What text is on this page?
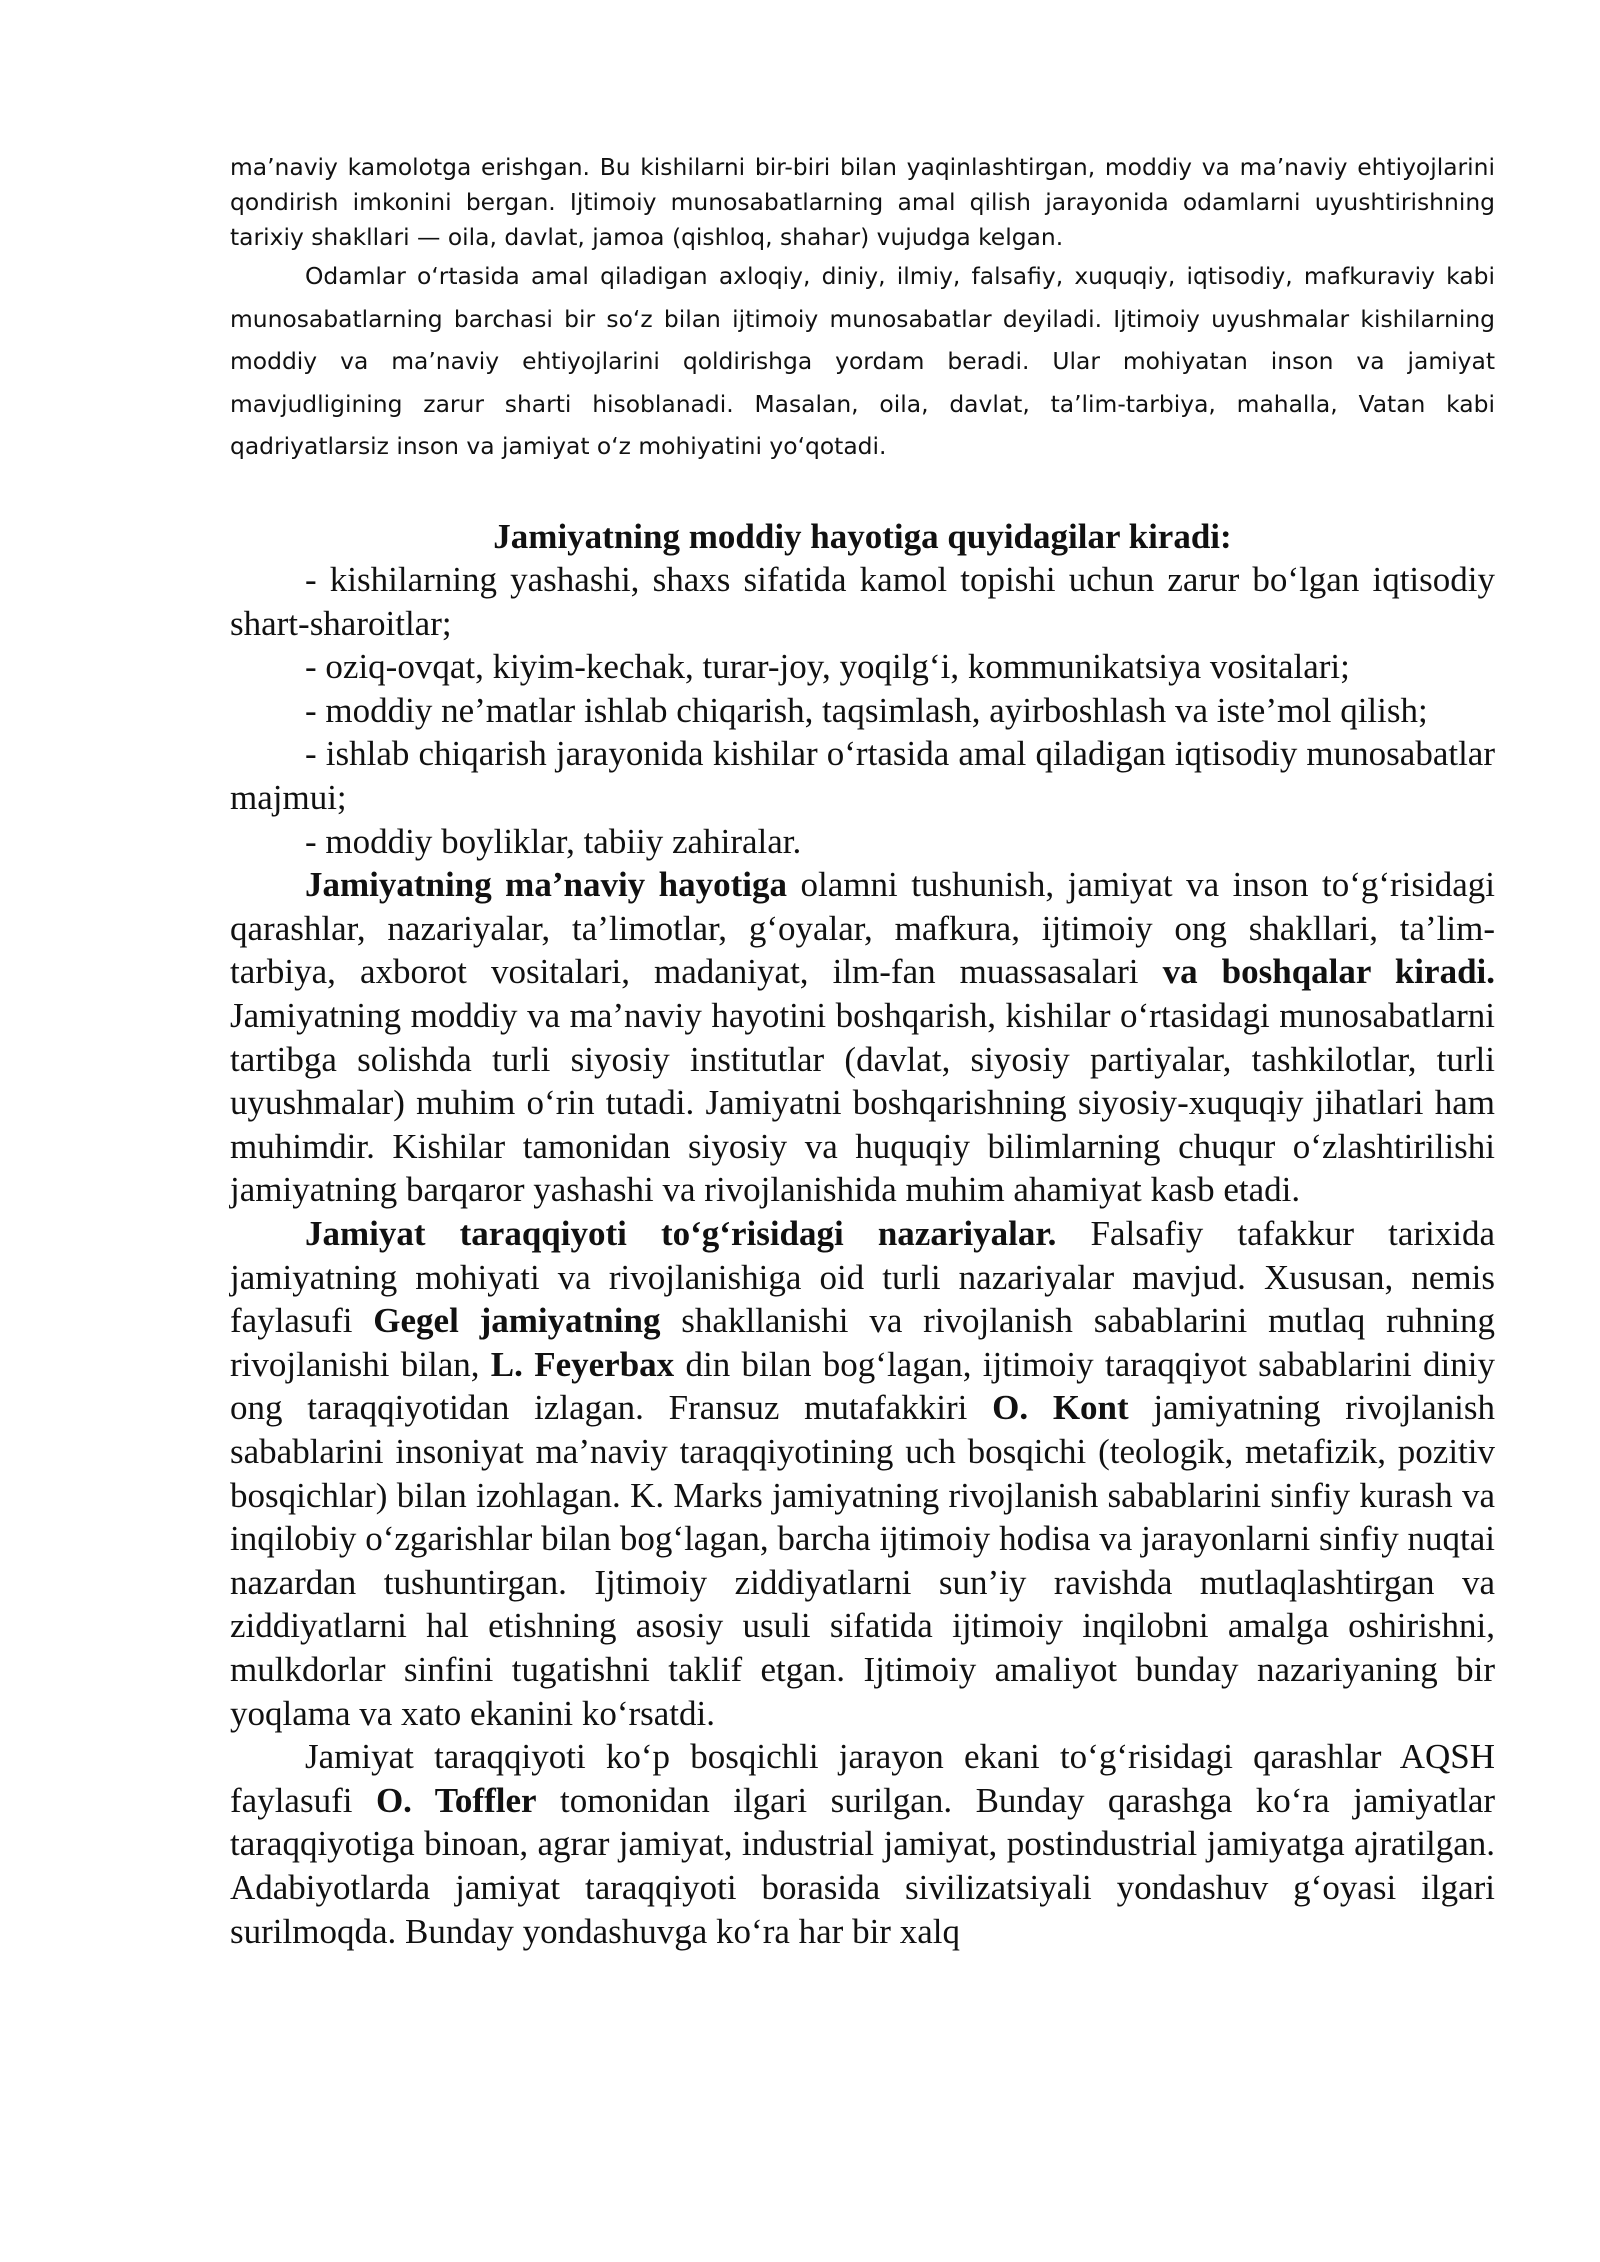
ma’naviy kamolotga erishgan. Bu kishilarni bir-biri bilan yaqinlashtirgan, moddiy va ma’naviy ehtiyojlarini qondirish imkonini bergan. Ijtimoiy munosabatlarning amal qilish jarayonida odamlarni uyushtirishning tarixiy shakllari — oila, davlat, jamoa (qishloq, shahar) vujudga kelgan.

Odamlar o‘rtasida amal qiladigan axloqiy, diniy, ilmiy, falsafiy, xuquqiy, iqtisodiy, mafkuraviy kabi munosabatlarning barchasi bir so‘z bilan ijtimoiy munosabatlar deyiladi. Ijtimoiy uyushmalar kishilarning moddiy va ma’naviy ehtiyojlarini qoldirishga yordam beradi. Ular mohiyatan inson va jamiyat mavjudligining zarur sharti hisoblanadi. Masalan, oila, davlat, ta’lim-tarbiya, mahalla, Vatan kabi qadriyatlarsiz inson va jamiyat o‘z mohiyatini yo‘qotadi.

Jamiyatning moddiy hayotiga quyidagilar kiradi:

- kishilarning yashashi, shaxs sifatida kamol topishi uchun zarur bo‘lgan iqtisodiy shart-sharoitlar;

- oziq-ovqat, kiyim-kechak, turar-joy, yoqilg‘i, kommunikatsiya vositalari;

- moddiy ne’matlar ishlab chiqarish, taqsimlash, ayirboshlash va iste’mol qilish;

- ishlab chiqarish jarayonida kishilar o‘rtasida amal qiladigan iqtisodiy munosabatlar majmui;

- moddiy boyliklar, tabiiy zahiralar.

Jamiyatning ma’naviy hayotiga olamni tushunish, jamiyat va inson to‘g‘risidagi qarashlar, nazariyalar, ta’limotlar, g‘oyalar, mafkura, ijtimoiy ong shakllari, ta’lim-tarbiya, axborot vositalari, madaniyat, ilm-fan muassasalari va boshqalar kiradi. Jamiyatning moddiy va ma’naviy hayotini boshqarish, kishilar o‘rtasidagi munosabatlarni tartibga solishda turli siyosiy institutlar (davlat, siyosiy partiyalar, tashkilotlar, turli uyushmalar) muhim o‘rin tutadi. Jamiyatni boshqarishning siyosiy-xuquqiy jihatlari ham muhimdir. Kishilar tamonidan siyosiy va huquqiy bilimlarning chuqur o‘zlashtirilishi jamiyatning barqaror yashashi va rivojlanishida muhim ahamiyat kasb etadi.

Jamiyat taraqqiyoti to‘g‘risidagi nazariyalar. Falsafiy tafakkur tarixida jamiyatning mohiyati va rivojlanishiga oid turli nazariyalar mavjud. Xususan, nemis faylasufi Gegel jamiyatning shakllanishi va rivojlanish sabablarini mutlaq ruhning rivojlanishi bilan, L. Feyerbax din bilan bog‘lagan, ijtimoiy taraqqiyot sabablarini diniy ong taraqqiyotidan izlagan. Fransuz mutafakkiri O. Kont jamiyatning rivojlanish sabablarini insoniyat ma’naviy taraqqiyotining uch bosqichi (teologik, metafizik, pozitiv bosqichlar) bilan izohlagan. K. Marks jamiyatning rivojlanish sabablarini sinfiy kurash va inqilobiy o‘zgarishlar bilan bog‘lagan, barcha ijtimoiy hodisa va jarayonlarni sinfiy nuqtai nazardan tushuntirgan. Ijtimoiy ziddiyatlarni sun’iy ravishda mutlaqlashtirgan va ziddiyatlarni hal etishning asosiy usuli sifatida ijtimoiy inqilobni amalga oshirishni, mulkdorlar sinfini tugatishni taklif etgan. Ijtimoiy amaliyot bunday nazariyaning bir yoqlama va xato ekanini ko‘rsatdi.

Jamiyat taraqqiyoti ko‘p bosqichli jarayon ekani to‘g‘risidagi qarashlar AQSH faylasufi O. Toffler tomonidan ilgari surilgan. Bunday qarashga ko‘ra jamiyatlar taraqqiyotiga binoan, agrar jamiyat, industrial jamiyat, postindustrial jamiyatga ajratilgan. Adabiyotlarda jamiyat taraqqiyoti borasida sivilizatsiyali yondashuv g‘oyasi ilgari surilmoqda. Bunday yondashuvga ko‘ra har bir xalq
